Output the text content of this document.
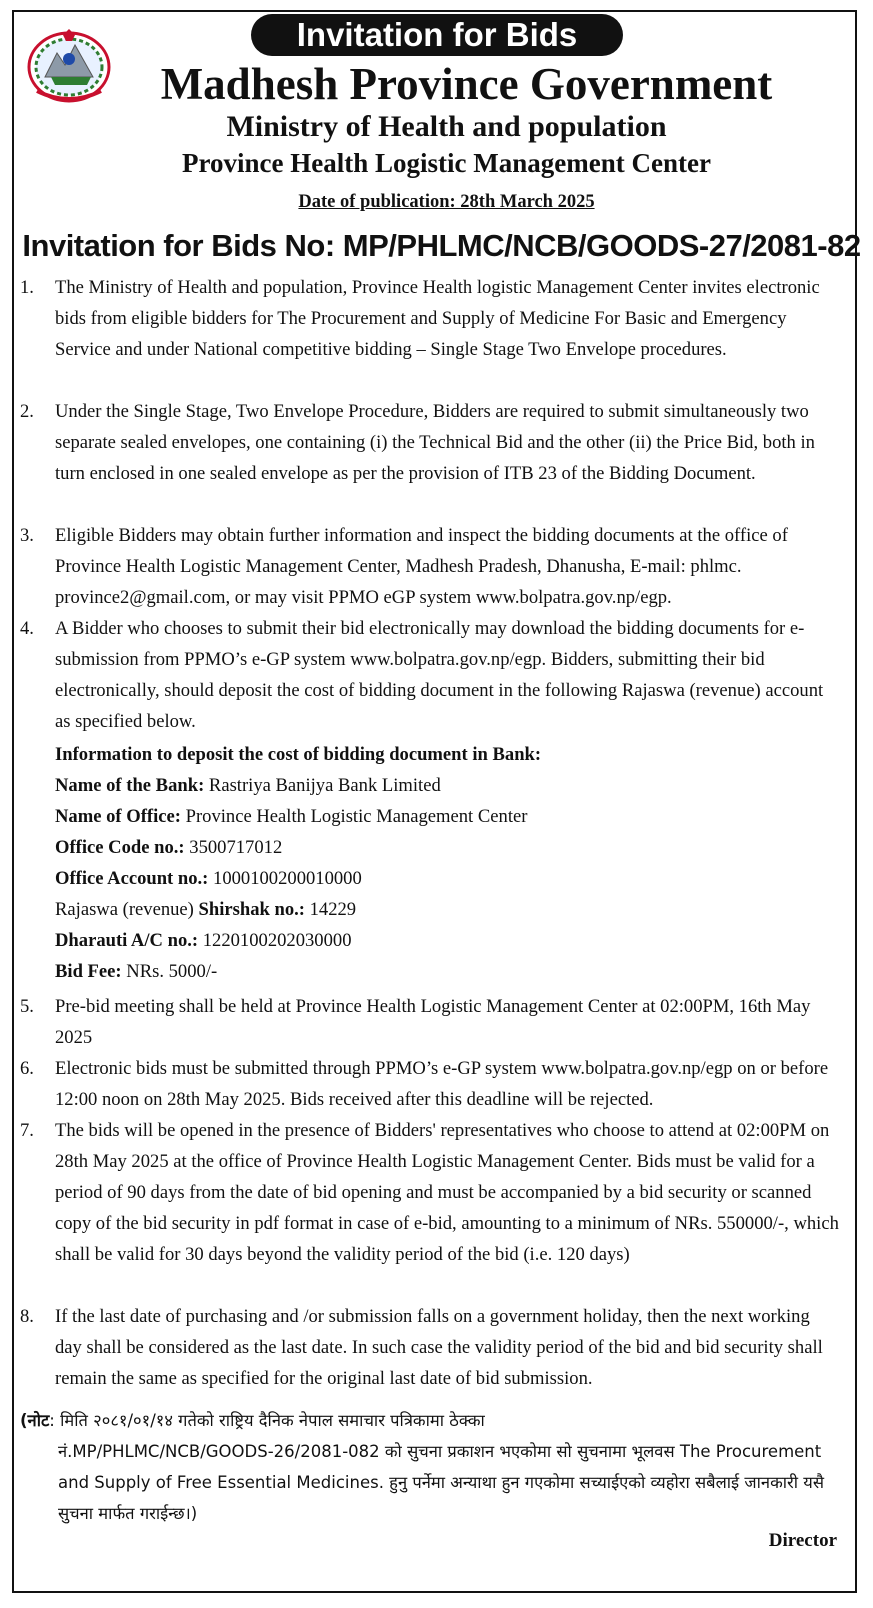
Invitation for Bids
Madhesh Province Government
Ministry of Health and population
Province Health Logistic Management Center
Date of publication: 28th March 2025
Invitation for Bids No: MP/PHLMC/NCB/GOODS-27/2081-82
1.	The Ministry of Health and population, Province Health logistic Management Center invites electronic bids from eligible bidders for The Procurement and Supply of Medicine For Basic and Emergency Service and under National competitive bidding – Single Stage Two Envelope procedures.
2.	Under the Single Stage, Two Envelope Procedure, Bidders are required to submit simultaneously two separate sealed envelopes, one containing (i) the Technical Bid and the other (ii) the Price Bid, both in turn enclosed in one sealed envelope as per the provision of ITB 23 of the Bidding Document.
3.	Eligible Bidders may obtain further information and inspect the bidding documents at the office of Province Health Logistic Management Center, Madhesh Pradesh, Dhanusha, E-mail: phlmc. province2@gmail.com, or may visit PPMO eGP system www.bolpatra.gov.np/egp.
4.	A Bidder who chooses to submit their bid electronically may download the bidding documents for e-submission from PPMO’s e-GP system www.bolpatra.gov.np/egp. Bidders, submitting their bid electronically, should deposit the cost of bidding document in the following Rajaswa (revenue) account as specified below.
Information to deposit the cost of bidding document in Bank:
Name of the Bank: Rastriya Banijya Bank Limited
Name of Office: Province Health Logistic Management Center
Office Code no.: 3500717012
Office Account no.: 1000100200010000
Rajaswa (revenue) Shirshak no.: 14229
Dharauti A/C no.: 1220100202030000
Bid Fee: NRs. 5000/-
5.	Pre-bid meeting shall be held at Province Health Logistic Management Center at 02:00PM, 16th May 2025
6.	Electronic bids must be submitted through PPMO’s e-GP system www.bolpatra.gov.np/egp on or before 12:00 noon on 28th May 2025. Bids received after this deadline will be rejected.
7.	The bids will be opened in the presence of Bidders' representatives who choose to attend at 02:00PM on 28th May 2025 at the office of Province Health Logistic Management Center. Bids must be valid for a period of 90 days from the date of bid opening and must be accompanied by a bid security or scanned copy of the bid security in pdf format in case of e-bid, amounting to a minimum of NRs. 550000/-, which shall be valid for 30 days beyond the validity period of the bid (i.e. 120 days)
8.	If the last date of purchasing and /or submission falls on a government holiday, then the next working day shall be considered as the last date. In such case the validity period of the bid and bid security shall remain the same as specified for the original last date of bid submission.
(नोट: मिति २०८१/०१/१४ गतेको राष्ट्रिय दैनिक नेपाल समाचार पत्रिकामा ठेक्का
नं.MP/PHLMC/NCB/GOODS-26/2081-082 को सुचना प्रकाशन भएकोमा सो सुचनामा भूलवस The Procurement and Supply of Free Essential Medicines. हुनु पर्नेमा अन्याथा हुन गएकोमा सच्याईएको व्यहोरा सबैलाई जानकारी यसै सुचना मार्फत गराईन्छ।)
Director
